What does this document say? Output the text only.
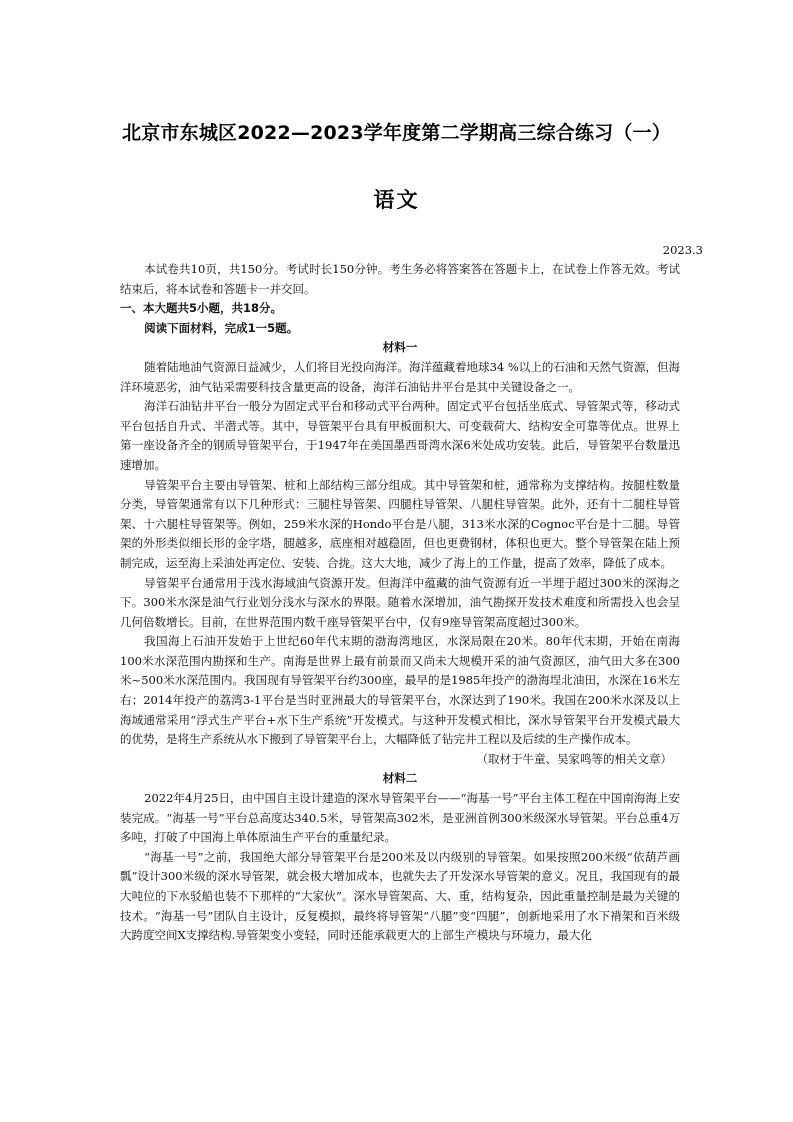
北京市东城区2022—2023学年度第二学期高三综合练习（一）
语文
2023.3

本试卷共10页，共150分。考试时长150分钟。考生务必将答案答在答题卡上，在试卷上作答无效。考试结束后，将本试卷和答题卡一并交回。

一、本大题共5小题，共18分。

阅读下面材料，完成1一5题。

材料一

随着陆地油气资源日益减少，人们将目光投向海洋。海洋蕴藏着地球34 %以上的石油和天然气资源，但海洋环境恶劣，油气钻采需要科技含量更高的设备，海洋石油钻井平台是其中关键设备之一。

海洋石油钻井平台一般分为固定式平台和移动式平台两种。固定式平台包括坐底式、导管架式等，移动式平台包括自升式、半潜式等。其中，导管架平台具有甲板面积大、可变载荷大、结构安全可靠等优点。世界上第一座设备齐全的钢质导管架平台，于1947年在美国墨西哥湾水深6米处成功安装。此后，导管架平台数量迅速增加。

导管架平台主要由导管架、桩和上部结构三部分组成。其中导管架和桩，通常称为支撑结构。按腿柱数量分类，导管架通常有以下几种形式：三腿柱导管架、四腿柱导管架、八腿柱导管架。此外，还有十二腿柱导管架、十六腿柱导管架等。例如，259米水深的Hondo平台是八腿，313米水深的Cognoc平台是十二腿。导管架的外形类似细长形的金字塔，腿越多，底座相对越稳固，但也更费钢材，体积也更大。整个导管架在陆上预制完成，运至海上采油处再定位、安装、合拢。这大大地，减少了海上的工作量，提高了效率，降低了成本。

导管架平台通常用于浅水海域油气资源开发。但海洋中蕴藏的油气资源有近一半埋于超过300米的深海之下。300米水深是油气行业划分浅水与深水的界限。随着水深增加，油气勘探开发技术难度和所需投入也会呈几何倍数增长。目前，在世界范围内数千座导管架平台中，仅有9座导管架高度超过300米。

我国海上石油开发始于上世纪60年代末期的渤海湾地区，水深局限在20米。80年代末期，开始在南海100米水深范围内勘探和生产。南海是世界上最有前景而又尚未大规模开采的油气资源区，油气田大多在300米~500米水深范围内。我国现有导管架平台约300座，最早的是1985年投产的渤海埕北油田，水深在16米左右；2014年投产的荔湾3-1平台是当时亚洲最大的导管架平台，水深达到了190米。我国在200米水深及以上海域通常采用“浮式生产平台+水下生产系统”开发模式。与这种开发模式相比，深水导管架平台开发模式最大的优势，是将生产系统从水下搬到了导管架平台上，大幅降低了钻完井工程以及后续的生产操作成本。

（取材于牛童、吴家鸣等的相关文章）

材料二

2022年4月25日，由中国自主设计建造的深水导管架平台——“海基一号”平台主体工程在中国南海海上安装完成。“海基一号”平台总高度达340.5米，导管架高302米，是亚洲首例300米级深水导管架。平台总重4万多吨，打破了中国海上单体原油生产平台的重量纪录。

“海基一号”之前，我国绝大部分导管架平台是200米及以内级别的导管架。如果按照200米级“依葫芦画瓢”设计300米级的深水导管架，就会极大增加成本，也就失去了开发深水导管架的意义。况且，我国现有的最大吨位的下水驳船也装不下那样的“大家伙”。深水导管架高、大、重，结构复杂，因此重量控制是最为关键的技术。“海基一号”团队自主设计，反复模拟，最终将导管架“八腿”变“四腿”，创新地采用了水下褙架和百米级大跨度空间X支撑结构.导管架变小变轻，同时还能承载更大的上部生产模块与环境力，最大化
